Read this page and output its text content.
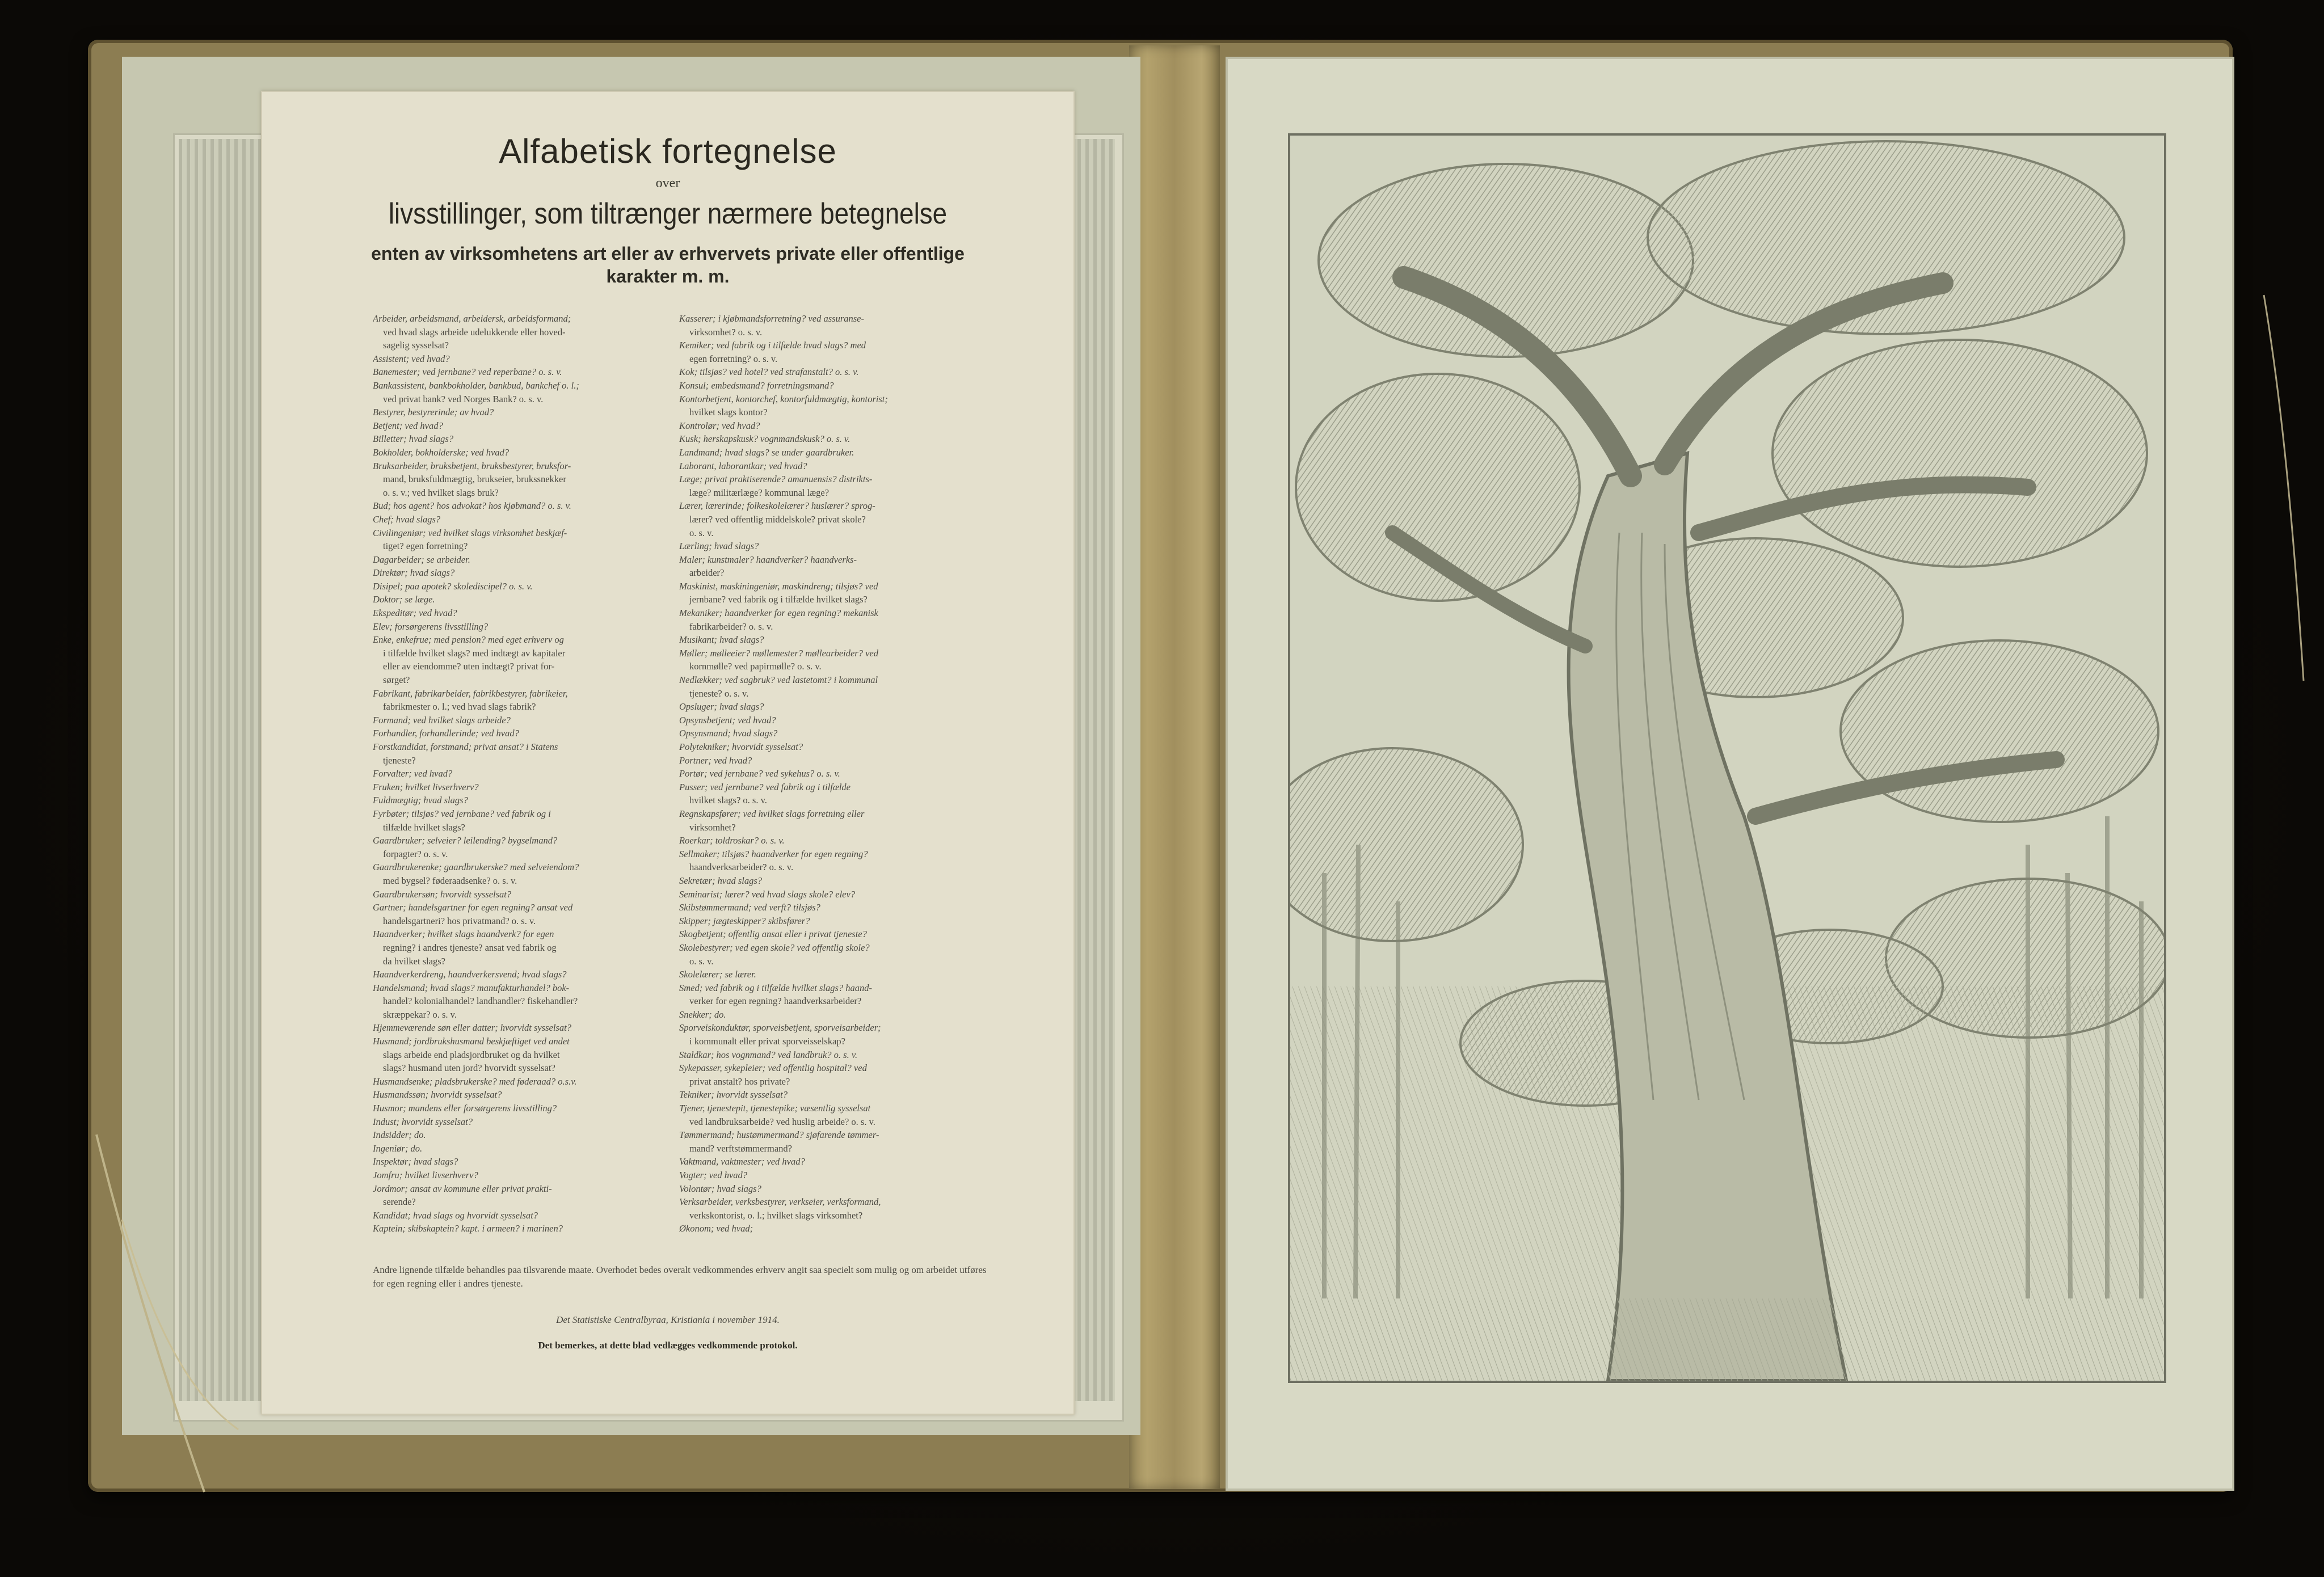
Alfabetisk fortegnelse
over
livsstillinger, som tiltrænger nærmere betegnelse
enten av virksomhetens art eller av erhvervets private eller offentlige karakter m. m.
Arbeider, arbeidsmand, arbeidersk, arbeidsformand;
ved hvad slags arbeide udelukkende eller hoved-
sagelig sysselsat?
Assistent; ved hvad?
Banemester; ved jernbane? ved reperbane? o. s. v.
Bankassistent, bankbokholder, bankbud, bankchef o. l.;
ved privat bank? ved Norges Bank? o. s. v.
Bestyrer, bestyrerinde; av hvad?
Betjent; ved hvad?
Billetter; hvad slags?
Bokholder, bokholderske; ved hvad?
Bruksarbeider, bruksbetjent, bruksbestyrer, bruksfor-
mand, bruksfuldmægtig, brukseier, brukssnekker
o. s. v.; ved hvilket slags bruk?
Bud; hos agent? hos advokat? hos kjøbmand? o. s. v.
Chef; hvad slags?
Civilingeniør; ved hvilket slags virksomhet beskjæf-
tiget? egen forretning?
Dagarbeider; se arbeider.
Direktør; hvad slags?
Disipel; paa apotek? skolediscipel? o. s. v.
Doktor; se læge.
Ekspeditør; ved hvad?
Elev; forsørgerens livsstilling?
Enke, enkefrue; med pension? med eget erhverv og
i tilfælde hvilket slags? med indtægt av kapitaler
eller av eiendomme? uten indtægt? privat for-
sørget?
Fabrikant, fabrikarbeider, fabrikbestyrer, fabrikeier,
fabrikmester o. l.; ved hvad slags fabrik?
Formand; ved hvilket slags arbeide?
Forhandler, forhandlerinde; ved hvad?
Forstkandidat, forstmand; privat ansat? i Statens
tjeneste?
Forvalter; ved hvad?
Fruken; hvilket livserhverv?
Fuldmægtig; hvad slags?
Fyrbøter; tilsjøs? ved jernbane? ved fabrik og i
tilfælde hvilket slags?
Gaardbruker; selveier? leilending? bygselmand?
forpagter? o. s. v.
Gaardbrukerenke; gaardbrukerske? med selveiendom?
med bygsel? føderaadsenke? o. s. v.
Gaardbrukersøn; hvorvidt sysselsat?
Gartner; handelsgartner for egen regning? ansat ved
handelsgartneri? hos privatmand? o. s. v.
Haandverker; hvilket slags haandverk? for egen
regning? i andres tjeneste? ansat ved fabrik og
da hvilket slags?
Haandverkerdreng, haandverkersvend; hvad slags?
Handelsmand; hvad slags? manufakturhandel? bok-
handel? kolonialhandel? landhandler? fiskehandler?
skræppekar? o. s. v.
Hjemmeværende søn eller datter; hvorvidt sysselsat?
Husmand; jordbrukshusmand beskjæftiget ved andet
slags arbeide end pladsjordbruket og da hvilket
slags? husmand uten jord? hvorvidt sysselsat?
Husmandsenke; pladsbrukerske? med føderaad? o.s.v.
Husmandssøn; hvorvidt sysselsat?
Husmor; mandens eller forsørgerens livsstilling?
Indust; hvorvidt sysselsat?
Indsidder; do.
Ingeniør; do.
Inspektør; hvad slags?
Jomfru; hvilket livserhverv?
Jordmor; ansat av kommune eller privat prakti-
serende?
Kandidat; hvad slags og hvorvidt sysselsat?
Kaptein; skibskaptein? kapt. i armeen? i marinen?
Kasserer; i kjøbmandsforretning? ved assuranse-
virksomhet? o. s. v.
Kemiker; ved fabrik og i tilfælde hvad slags? med
egen forretning? o. s. v.
Kok; tilsjøs? ved hotel? ved strafanstalt? o. s. v.
Konsul; embedsmand? forretningsmand?
Kontorbetjent, kontorchef, kontorfuldmægtig, kontorist;
hvilket slags kontor?
Kontrolør; ved hvad?
Kusk; herskapskusk? vognmandskusk? o. s. v.
Landmand; hvad slags? se under gaardbruker.
Laborant, laborantkar; ved hvad?
Læge; privat praktiserende? amanuensis? distrikts-
læge? militærlæge? kommunal læge?
Lærer, lærerinde; folkeskolelærer? huslærer? sprog-
lærer? ved offentlig middelskole? privat skole?
o. s. v.
Lærling; hvad slags?
Maler; kunstmaler? haandverker? haandverks-
arbeider?
Maskinist, maskiningeniør, maskindreng; tilsjøs? ved
jernbane? ved fabrik og i tilfælde hvilket slags?
Mekaniker; haandverker for egen regning? mekanisk
fabrikarbeider? o. s. v.
Musikant; hvad slags?
Møller; mølleeier? møllemester? møllearbeider? ved
kornmølle? ved papirmølle? o. s. v.
Nedlækker; ved sagbruk? ved lastetomt? i kommunal
tjeneste? o. s. v.
Opsluger; hvad slags?
Opsynsbetjent; ved hvad?
Opsynsmand; hvad slags?
Polytekniker; hvorvidt sysselsat?
Portner; ved hvad?
Portør; ved jernbane? ved sykehus? o. s. v.
Pusser; ved jernbane? ved fabrik og i tilfælde
hvilket slags? o. s. v.
Regnskapsfører; ved hvilket slags forretning eller
virksomhet?
Roerkar; toldroskar? o. s. v.
Sellmaker; tilsjøs? haandverker for egen regning?
haandverksarbeider? o. s. v.
Sekretær; hvad slags?
Seminarist; lærer? ved hvad slags skole? elev?
Skibstømmermand; ved verft? tilsjøs?
Skipper; jægteskipper? skibsfører?
Skogbetjent; offentlig ansat eller i privat tjeneste?
Skolebestyrer; ved egen skole? ved offentlig skole?
o. s. v.
Skolelærer; se lærer.
Smed; ved fabrik og i tilfælde hvilket slags? haand-
verker for egen regning? haandverksarbeider?
Snekker; do.
Sporveiskonduktør, sporveisbetjent, sporveisarbeider;
i kommunalt eller privat sporveisselskap?
Staldkar; hos vognmand? ved landbruk? o. s. v.
Sykepasser, sykepleier; ved offentlig hospital? ved
privat anstalt? hos private?
Tekniker; hvorvidt sysselsat?
Tjener, tjenestepit, tjenestepike; væsentlig sysselsat
ved landbruksarbeide? ved huslig arbeide? o. s. v.
Tømmermand; hustømmermand? sjøfarende tømmer-
mand? verftstømmermand?
Vaktmand, vaktmester; ved hvad?
Vogter; ved hvad?
Volontør; hvad slags?
Verksarbeider, verksbestyrer, verkseier, verksformand,
verkskontorist, o. l.; hvilket slags virksomhet?
Økonom; ved hvad;
Andre lignende tilfælde behandles paa tilsvarende maate. Overhodet bedes overalt vedkommendes erhverv angit saa specielt som mulig og om arbeidet utføres for egen regning eller i andres tjeneste.
Det Statistiske Centralbyraa, Kristiania i november 1914.
Det bemerkes, at dette blad vedlægges vedkommende protokol.
